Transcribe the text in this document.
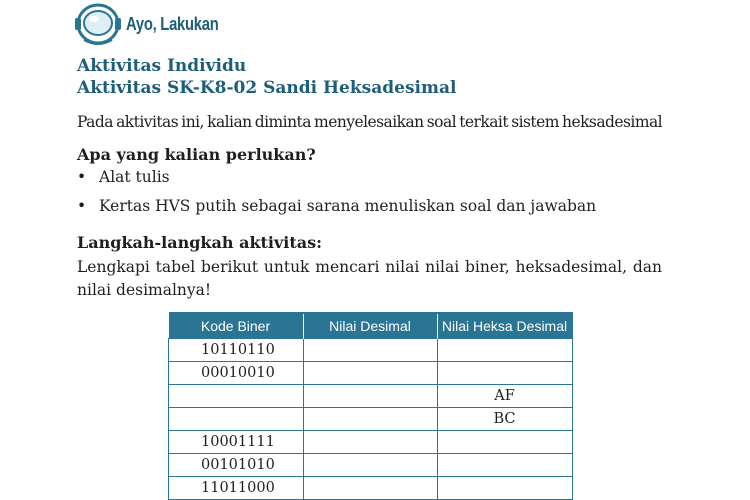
Ayo, Lakukan
Aktivitas Individu
Aktivitas SK-K8-02 Sandi Heksadesimal
Pada aktivitas ini, kalian diminta menyelesaikan soal terkait sistem heksadesimal
Apa yang kalian perlukan?
• Alat tulis
• Kertas HVS putih sebagai sarana menuliskan soal dan jawaban
Langkah-langkah aktivitas:
Lengkapi tabel berikut untuk mencari nilai nilai biner, heksadesimal, dan
nilai desimalnya!
Kode Biner	Nilai Desimal	Nilai Heksa Desimal
10110110		
00010010		
		AF
		BC
10001111		
00101010		
11011000		
